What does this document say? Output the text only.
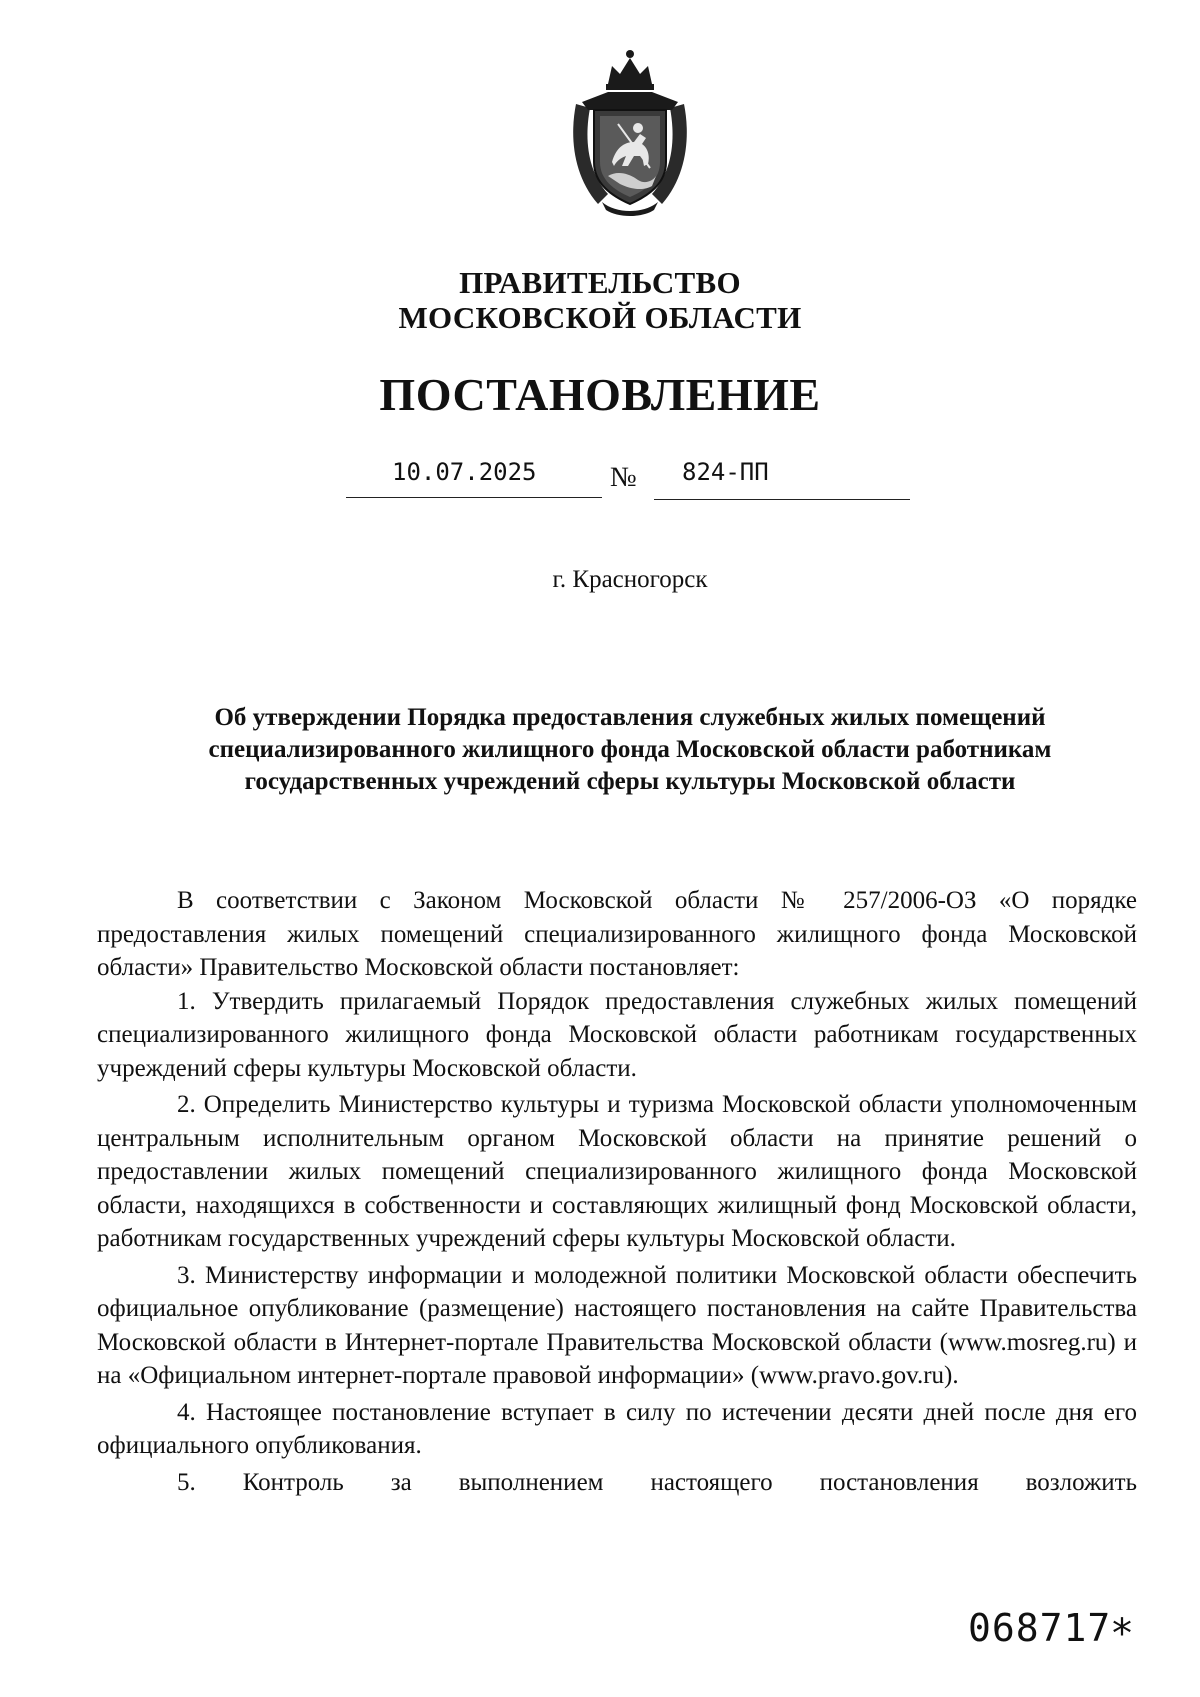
ПРАВИТЕЛЬСТВО
МОСКОВСКОЙ ОБЛАСТИ
ПОСТАНОВЛЕНИЕ
10.07.2025	№ 824-ПП
г. Красногорск
Об утверждении Порядка предоставления служебных жилых помещений специализированного жилищного фонда Московской области работникам государственных учреждений сферы культуры Московской области

В соответствии с Законом Московской области № 257/2006-ОЗ «О порядке предоставления жилых помещений специализированного жилищного фонда Московской области» Правительство Московской области постановляет:

1. Утвердить прилагаемый Порядок предоставления служебных жилых помещений специализированного жилищного фонда Московской области работникам государственных учреждений сферы культуры Московской области.

2. Определить Министерство культуры и туризма Московской области уполномоченным центральным исполнительным органом Московской области на принятие решений о предоставлении жилых помещений специализированного жилищного фонда Московской области, находящихся в собственности и составляющих жилищный фонд Московской области, работникам государственных учреждений сферы культуры Московской области.

3. Министерству информации и молодежной политики Московской области обеспечить официальное опубликование (размещение) настоящего постановления на сайте Правительства Московской области в Интернет-портале Правительства Московской области (www.mosreg.ru) и на «Официальном интернет-портале правовой информации» (www.pravo.gov.ru).

4. Настоящее постановление вступает в силу по истечении десяти дней после дня его официального опубликования.

5. Контроль за выполнением настоящего постановления возложить

068717 *
